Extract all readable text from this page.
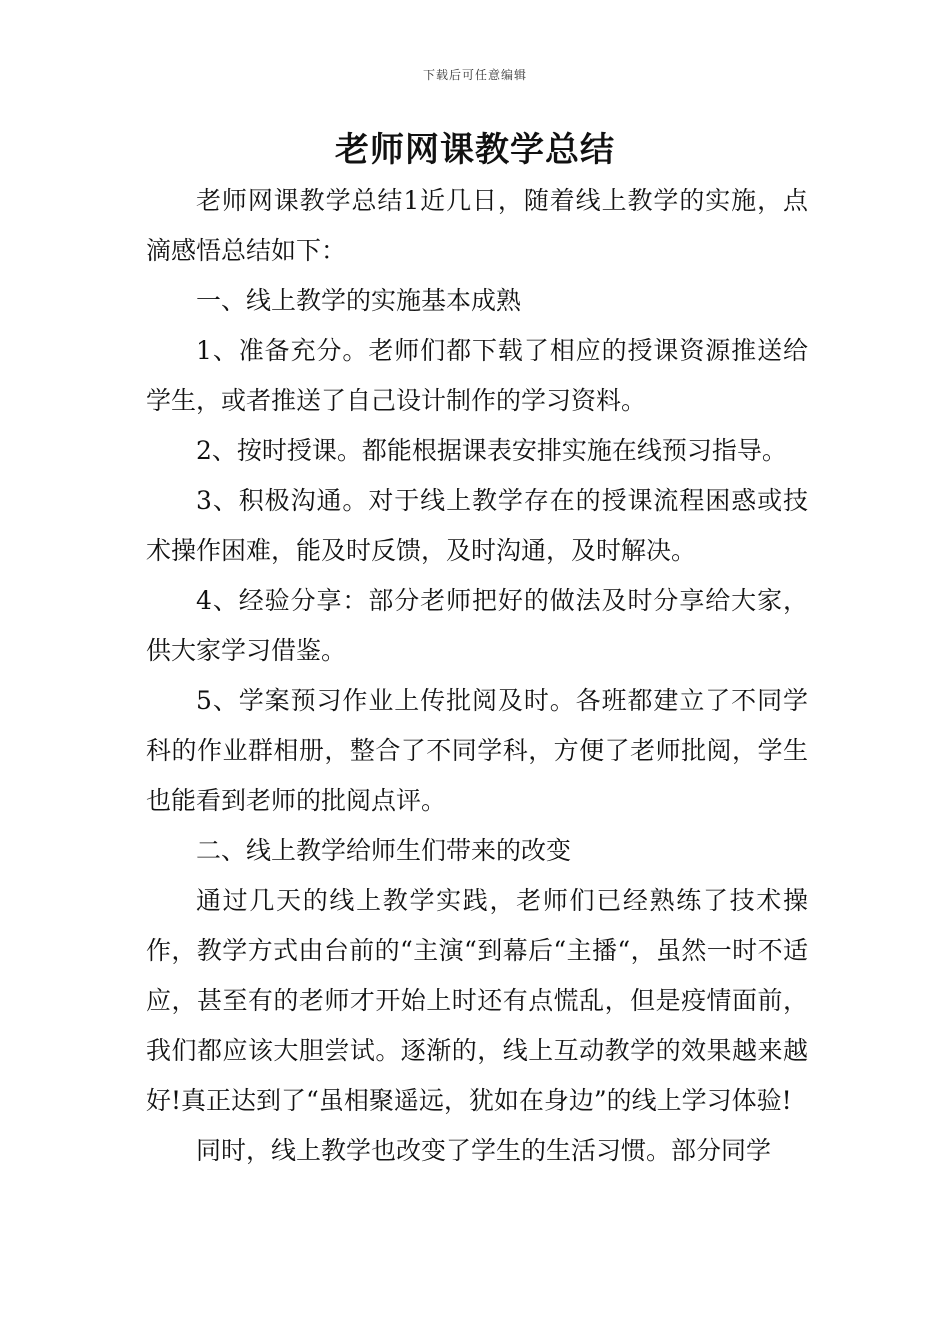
下载后可任意编辑
老师网课教学总结

老师网课教学总结1近几日，随着线上教学的实施，点滴感悟总结如下：

一、线上教学的实施基本成熟

1、准备充分。老师们都下载了相应的授课资源推送给学生，或者推送了自己设计制作的学习资料。

2、按时授课。都能根据课表安排实施在线预习指导。

3、积极沟通。对于线上教学存在的授课流程困惑或技术操作困难，能及时反馈，及时沟通，及时解决。

4、经验分享：部分老师把好的做法及时分享给大家，供大家学习借鉴。

5、学案预习作业上传批阅及时。各班都建立了不同学科的作业群相册，整合了不同学科，方便了老师批阅，学生也能看到老师的批阅点评。

二、线上教学给师生们带来的改变

通过几天的线上教学实践，老师们已经熟练了技术操作，教学方式由台前的“主演“到幕后“主播“，虽然一时不适应，甚至有的老师才开始上时还有点慌乱，但是疫情面前，我们都应该大胆尝试。逐渐的，线上互动教学的效果越来越好!真正达到了“虽相聚遥远，犹如在身边”的线上学习体验!

同时，线上教学也改变了学生的生活习惯。部分同学
